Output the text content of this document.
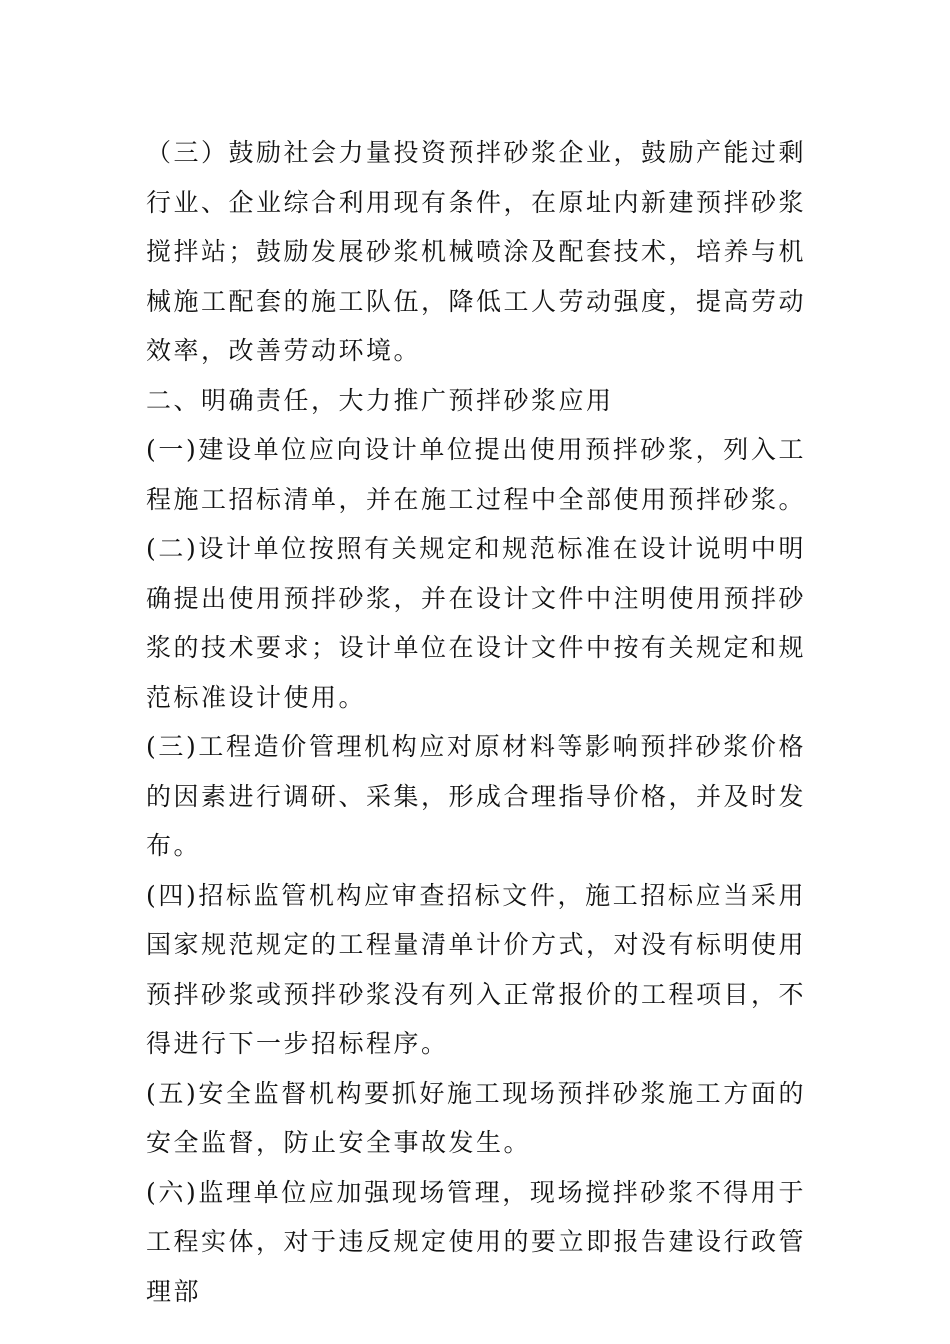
（三）鼓励社会力量投资预拌砂浆企业，鼓励产能过剩行业、企业综合利用现有条件，在原址内新建预拌砂浆搅拌站；鼓励发展砂浆机械喷涂及配套技术，培养与机械施工配套的施工队伍，降低工人劳动强度，提高劳动效率，改善劳动环境。

二、明确责任，大力推广预拌砂浆应用

(一)建设单位应向设计单位提出使用预拌砂浆，列入工程施工招标清单，并在施工过程中全部使用预拌砂浆。

(二)设计单位按照有关规定和规范标准在设计说明中明确提出使用预拌砂浆，并在设计文件中注明使用预拌砂浆的技术要求；设计单位在设计文件中按有关规定和规范标准设计使用。

(三)工程造价管理机构应对原材料等影响预拌砂浆价格的因素进行调研、采集，形成合理指导价格，并及时发布。

(四)招标监管机构应审查招标文件，施工招标应当采用国家规范规定的工程量清单计价方式，对没有标明使用预拌砂浆或预拌砂浆没有列入正常报价的工程项目，不得进行下一步招标程序。

(五)安全监督机构要抓好施工现场预拌砂浆施工方面的安全监督，防止安全事故发生。

(六)监理单位应加强现场管理，现场搅拌砂浆不得用于工程实体，对于违反规定使用的要立即报告建设行政管理部
